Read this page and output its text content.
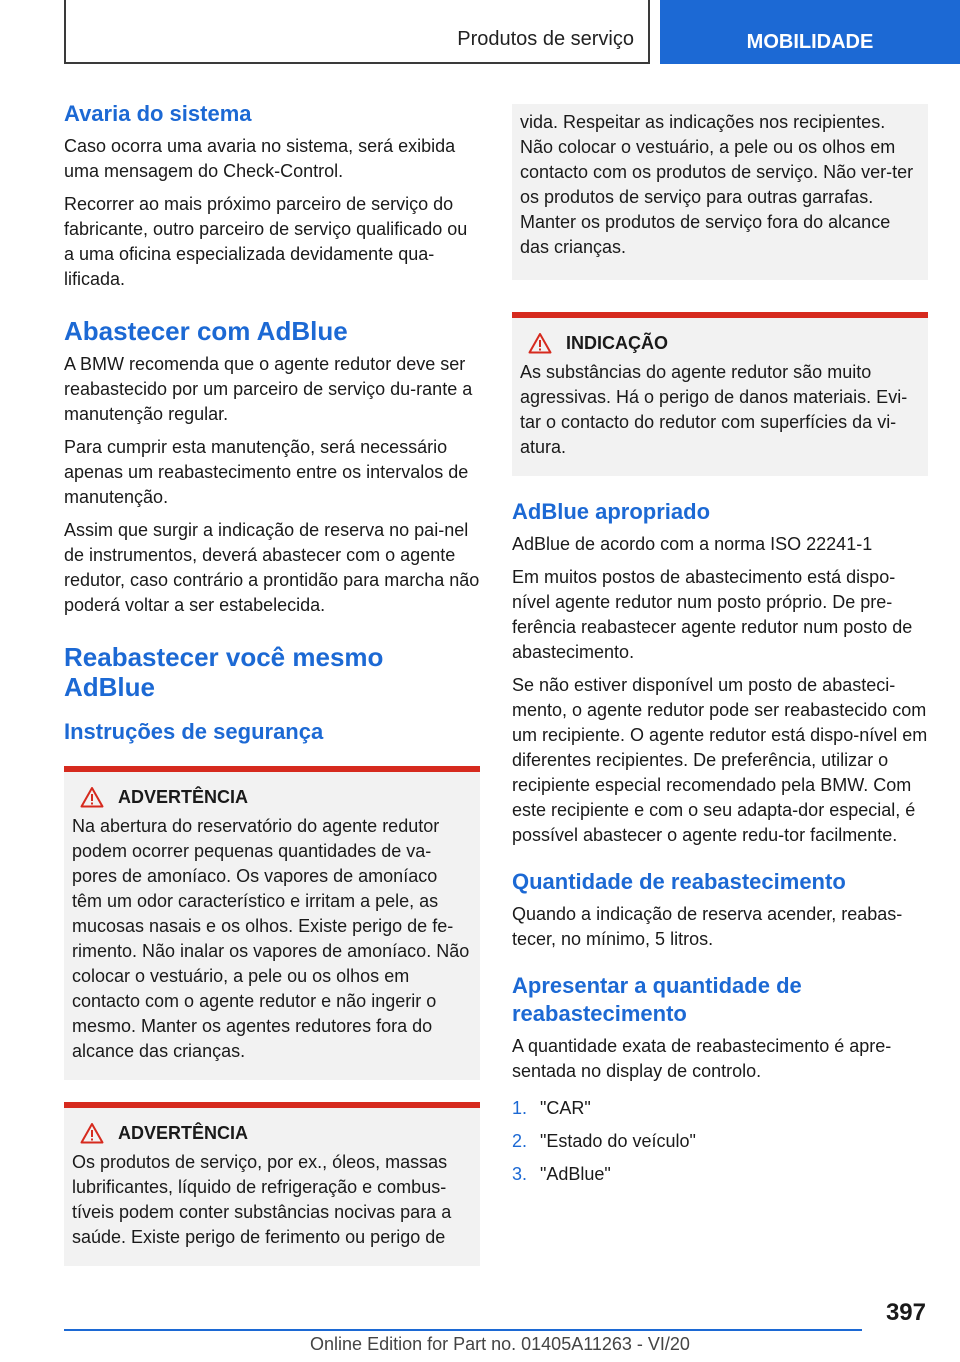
Produtos de serviço	MOBILIDADE
Avaria do sistema

Caso ocorra uma avaria no sistema, será exibida uma mensagem do Check-Control.

Recorrer ao mais próximo parceiro de serviço do fabricante, outro parceiro de serviço qualificado ou a uma oficina especializada devidamente qua-lificada.

Abastecer com AdBlue

A BMW recomenda que o agente redutor deve ser reabastecido por um parceiro de serviço du-rante a manutenção regular.

Para cumprir esta manutenção, será necessário apenas um reabastecimento entre os intervalos de manutenção.

Assim que surgir a indicação de reserva no pai-nel de instrumentos, deverá abastecer com o agente redutor, caso contrário a prontidão para marcha não poderá voltar a ser estabelecida.

Reabastecer você mesmo AdBlue
Instruções de segurança
ADVERTÊNCIA

Na abertura do reservatório do agente redutor podem ocorrer pequenas quantidades de va-pores de amoníaco. Os vapores de amoníaco têm um odor característico e irritam a pele, as mucosas nasais e os olhos. Existe perigo de fe-rimento. Não inalar os vapores de amoníaco. Não colocar o vestuário, a pele ou os olhos em contacto com o agente redutor e não ingerir o mesmo. Manter os agentes redutores fora do alcance das crianças.

ADVERTÊNCIA

Os produtos de serviço, por ex., óleos, massas lubrificantes, líquido de refrigeração e combus-tíveis podem conter substâncias nocivas para a saúde. Existe perigo de ferimento ou perigo de

vida. Respeitar as indicações nos recipientes. Não colocar o vestuário, a pele ou os olhos em contacto com os produtos de serviço. Não ver-ter os produtos de serviço para outras garrafas. Manter os produtos de serviço fora do alcance das crianças.

INDICAÇÃO

As substâncias do agente redutor são muito agressivas. Há o perigo de danos materiais. Evi-tar o contacto do redutor com superfícies da vi-atura.

AdBlue apropriado

AdBlue de acordo com a norma ISO 22241-1

Em muitos postos de abastecimento está dispo-nível agente redutor num posto próprio. De pre-ferência reabastecer agente redutor num posto de abastecimento.

Se não estiver disponível um posto de abasteci-mento, o agente redutor pode ser reabastecido com um recipiente. O agente redutor está dispo-nível em diferentes recipientes. De preferência, utilizar o recipiente especial recomendado pela BMW. Com este recipiente e com o seu adapta-dor especial, é possível abastecer o agente redu-tor facilmente.

Quantidade de reabastecimento

Quando a indicação de reserva acender, reabas-tecer, no mínimo, 5 litros.

Apresentar a quantidade de reabastecimento

A quantidade exata de reabastecimento é apre-sentada no display de controlo.

1. "CAR"
2. "Estado do veículo"
3. "AdBlue"
397
Online Edition for Part no. 01405A11263 - VI/20
